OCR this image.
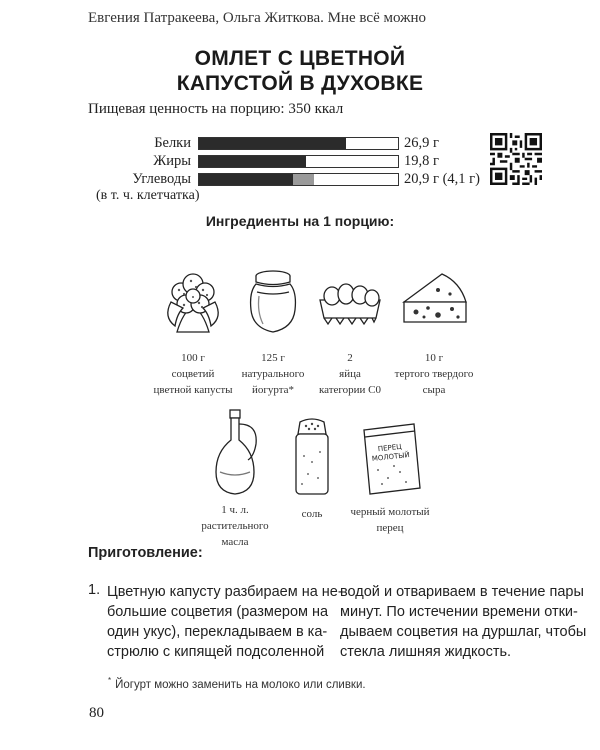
Евгения Патракеева, Ольга Житкова. Мне всё можно
ОМЛЕТ С ЦВЕТНОЙ
КАПУСТОЙ В ДУХОВКЕ
Пищевая ценность на порцию: 350 ккал
Белки	26,9 г
Жиры	19,8 г
Углеводы	20,9 г (4,1 г)
(в т. ч. клетчатка)
Ингредиенты на 1 порцию:
100 г
соцветий
цветной капусты
125 г
натурального
йогурта*
2
яйца
категории С0
10 г
тертого твердого
сыра
1 ч. л.
растительного
масла
соль
ПЕРЕЦ
МОЛОТЫЙ
черный молотый
перец
Приготовление:
1. Цветную капусту разбираем на не-
большие соцветия (размером на
один укус), перекладываем в ка-
стрюлю с кипящей подсоленной
водой и отвариваем в течение пары
минут. По истечении времени отки-
дываем соцветия на дуршлаг, чтобы
стекла лишняя жидкость.
* Йогурт можно заменить на молоко или сливки.
80
